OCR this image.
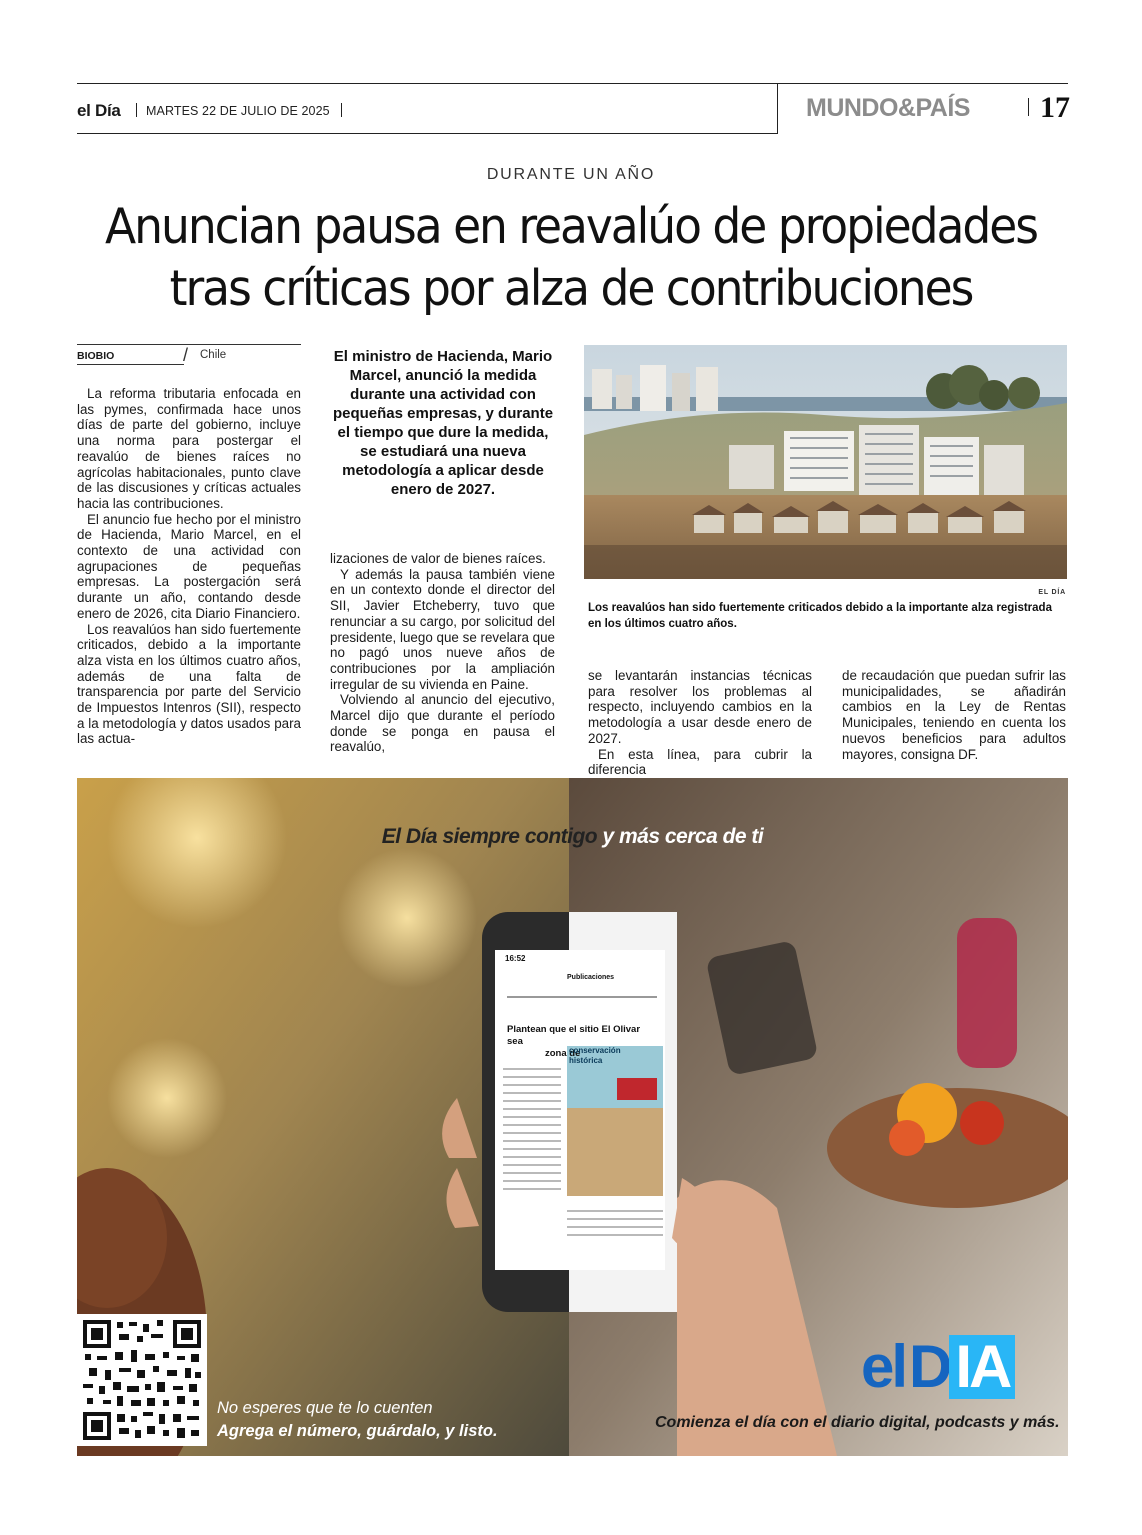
el Día MARTES 22 DE JULIO DE 2025	MUNDO&PAÍS 17
DURANTE UN AÑO
Anuncian pausa en reavalúo de propiedades
tras críticas por alza de contribuciones
BIOBIO	/ Chile

La reforma tributaria enfocada en las pymes, confirmada hace unos días de parte del gobierno, incluye una norma para postergar el reavalúo de bienes raíces no agrícolas habitacionales, punto clave de las discusiones y críticas actuales hacia las contribuciones.

El anuncio fue hecho por el ministro de Hacienda, Mario Marcel, en el contexto de una actividad con agrupaciones de pequeñas empresas. La postergación será durante un año, contando desde enero de 2026, cita Diario Financiero.

Los reavalúos han sido fuertemente criticados, debido a la importante alza vista en los últimos cuatro años, además de una falta de transparencia por parte del Servicio de Impuestos Intenros (SII), respecto a la metodología y datos usados para las actua-

El ministro de Hacienda, Mario Marcel, anunció la medida durante una actividad con pequeñas empresas, y durante el tiempo que dure la medida, se estudiará una nueva metodología a aplicar desde enero de 2027.

lizaciones de valor de bienes raíces.

Y además la pausa también viene en un contexto donde el director del SII, Javier Etcheberry, tuvo que renunciar a su cargo, por solicitud del presidente, luego que se revelara que no pagó unos nueve años de contribuciones por la ampliación irregular de su vivienda en Paine.

Volviendo al anuncio del ejecutivo, Marcel dijo que durante el período donde se ponga en pausa el reavalúo,

se levantarán instancias técnicas para resolver los problemas al respecto, incluyendo cambios en la metodología a usar desde enero de 2027.

En esta línea, para cubrir la diferencia

de recaudación que puedan sufrir las municipalidades, se añadirán cambios en la Ley de Rentas Municipales, teniendo en cuenta los nuevos beneficios para adultos mayores, consigna DF.

EL DÍA
Los reavalúos han sido fuertemente criticados debido a la importante alza registrada en los últimos cuatro años.
16:52
Publicaciones
Plantean que el sitio El Olivar sea
zona de
conservación histórica
El Día siempre contigo y más cerca de ti
No esperes que te lo cuenten
Agrega el número, guárdalo, y listo.
el D IA
Comienza el día con el diario digital, podcasts y más.
